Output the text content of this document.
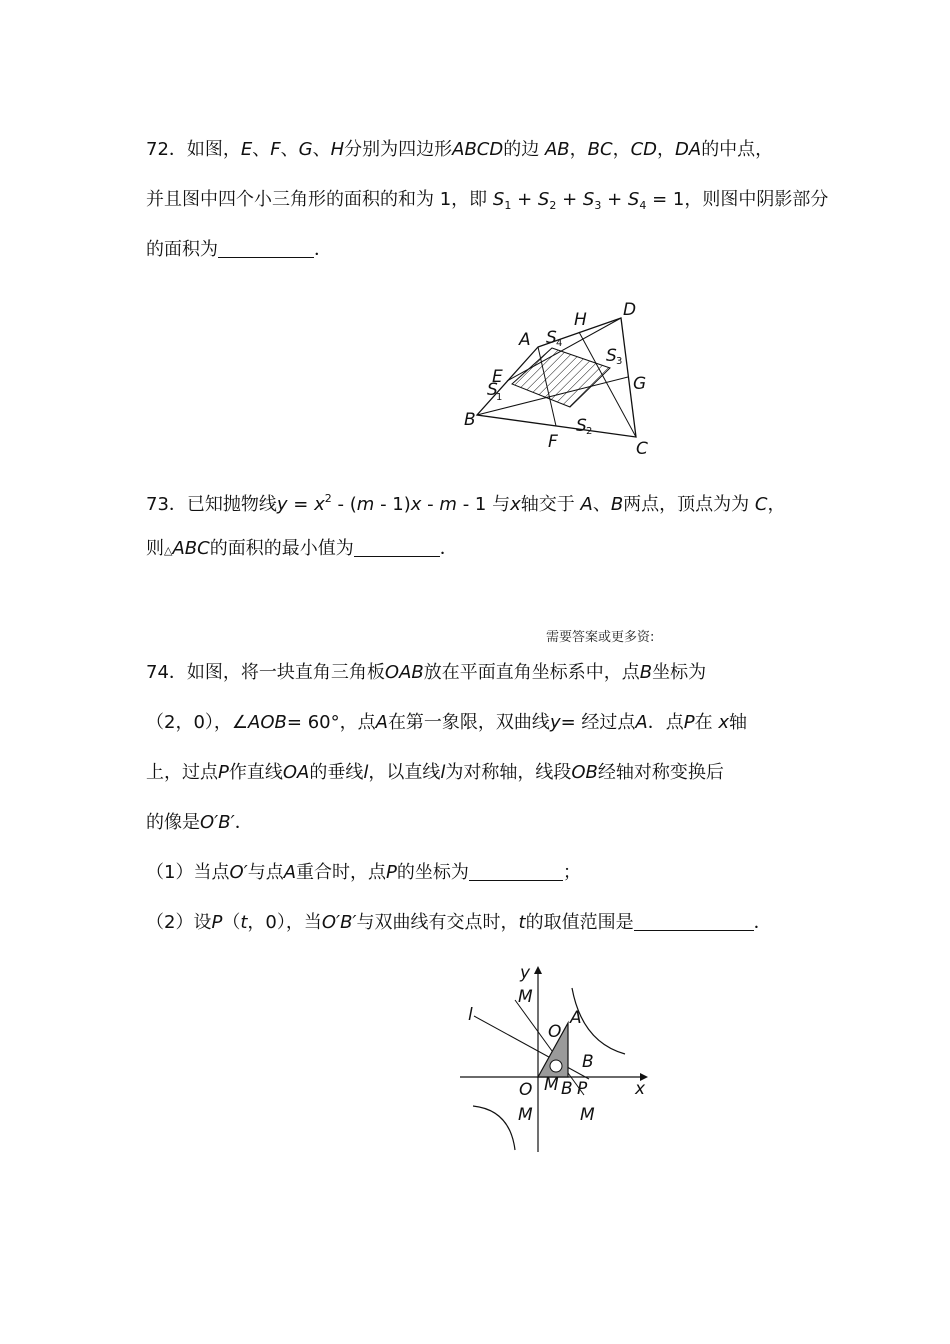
72．如图，E、F、G、H分别为四边形ABCD的边 AB，BC，CD，DA的中点，
并且图中四个小三角形的面积的和为 1，即 $S_1 + S_2 + S_3 + S_4 = 1$，则图中阴影部分
的面积为	．
A
B
C
D
E
F
G
H
S
1
S 2
S 3
S 4
73．已知抛物线$y = x^2 - (m - 1)x - m - 1$ 与x轴交于 A、B两点，顶点为为 C，
则△ABC的面积的最小值为	．
需要答案或更多资:
74．如图，将一块直角三角板OAB放在平面直角坐标系中，点B坐标为
（2，0），∠AOB= 60°，点A在第一象限，双曲线y= 经过点A．点P在 x轴
上，过点P作直线OA的垂线l，以直线l为对称轴，线段OB经轴对称变换后
的像是O′B′．
（1）当点O′与点A重合时，点P的坐标为	；
（2）设P（t，0），当O′B′与双曲线有交点时，t的取值范围是	．
y
x
M
l
O
A
B
O M B P
M	M
